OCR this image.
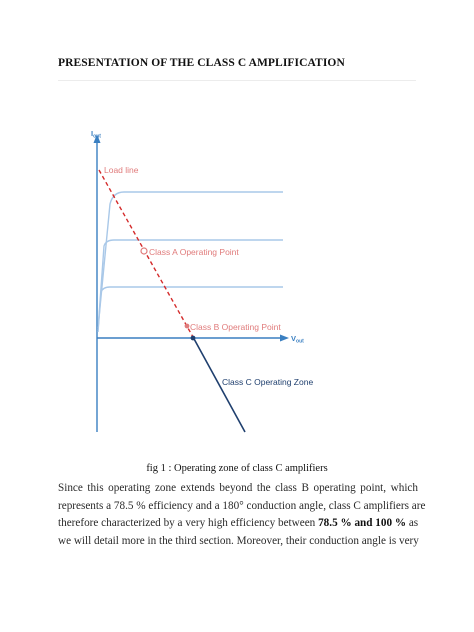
PRESENTATION OF THE CLASS C AMPLIFICATION
$I_{out}$
$V_{out}$
Load line
Class A Operating Point
Class B Operating Point
Class C Operating Zone
fig 1 : Operating zone of class C amplifiers
Since this operating zone extends beyond the class B operating point, which
represents a 78.5 % efficiency and a 180° conduction angle, class C amplifiers are
therefore characterized by a very high efficiency between 78.5 % and 100 % as
we will detail more in the third section. Moreover, their conduction angle is very
